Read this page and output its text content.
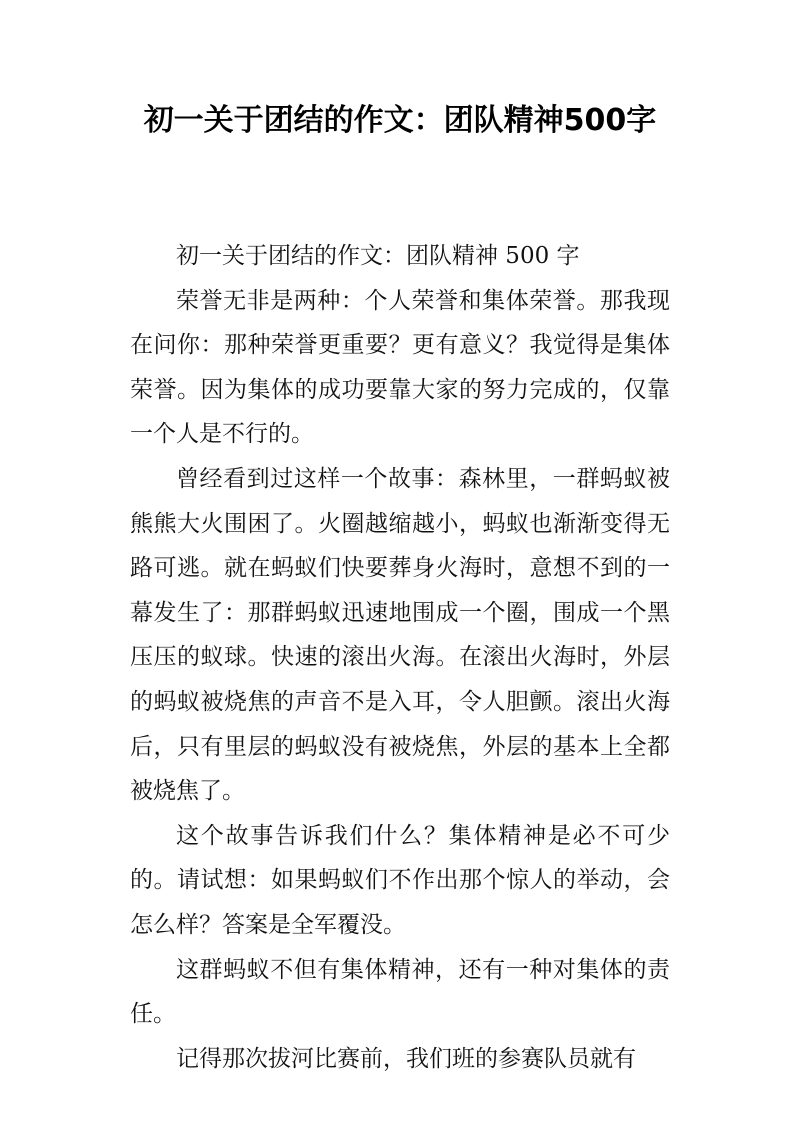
初一关于团结的作文：团队精神500字

初一关于团结的作文：团队精神 500 字

荣誉无非是两种：个人荣誉和集体荣誉。那我现在问你：那种荣誉更重要？更有意义？我觉得是集体荣誉。因为集体的成功要靠大家的努力完成的，仅靠一个人是不行的。

曾经看到过这样一个故事：森林里，一群蚂蚁被熊熊大火围困了。火圈越缩越小，蚂蚁也渐渐变得无路可逃。就在蚂蚁们快要葬身火海时，意想不到的一幕发生了：那群蚂蚁迅速地围成一个圈，围成一个黑压压的蚁球。快速的滚出火海。在滚出火海时，外层的蚂蚁被烧焦的声音不是入耳，令人胆颤。滚出火海后，只有里层的蚂蚁没有被烧焦，外层的基本上全都被烧焦了。

这个故事告诉我们什么？集体精神是必不可少的。请试想：如果蚂蚁们不作出那个惊人的举动，会怎么样？答案是全军覆没。

这群蚂蚁不但有集体精神，还有一种对集体的责任。

记得那次拔河比赛前，我们班的参赛队员就有
